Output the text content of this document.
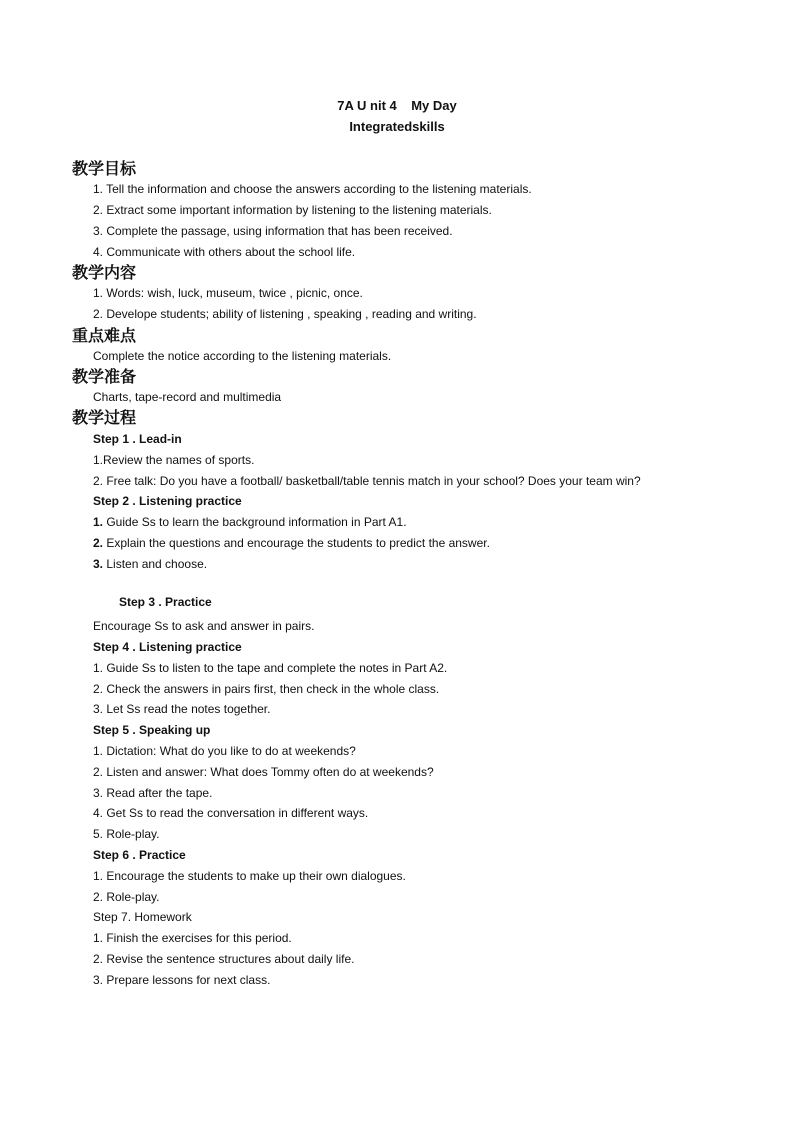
7A U nit 4    My Day
Integratedskills
教学目标
1. Tell the information and choose the answers according to the listening materials.
2. Extract some important information by listening to the listening materials.
3. Complete the passage, using information that has been received.
4. Communicate with others about the school life.
教学内容
1. Words: wish, luck, museum, twice , picnic, once.
2. Develope students; ability of listening , speaking , reading and writing.
重点难点
Complete the notice according to the listening materials.
教学准备
Charts, tape-record and multimedia
教学过程
Step 1 . Lead-in
1.Review the names of sports.
2. Free talk: Do you have a football/ basketball/table tennis match in your school? Does your team win?
Step 2 . Listening practice
1. Guide Ss to learn the background information in Part A1.
2. Explain the questions and encourage the students to predict the answer.
3. Listen and choose.
Step 3 . Practice
Encourage Ss to ask and answer in pairs.
Step 4 . Listening practice
1. Guide Ss to listen to the tape and complete the notes in Part A2.
2. Check the answers in pairs first, then check in the whole class.
3. Let Ss read the notes together.
Step 5 . Speaking up
1. Dictation: What do you like to do at weekends?
2. Listen and answer: What does Tommy often do at weekends?
3. Read after the tape.
4. Get Ss to read the conversation in different ways.
5. Role-play.
Step 6 . Practice
1. Encourage the students to make up their own dialogues.
2. Role-play.
Step 7. Homework
1. Finish the exercises for this period.
2. Revise the sentence structures about daily life.
3. Prepare lessons for next class.
